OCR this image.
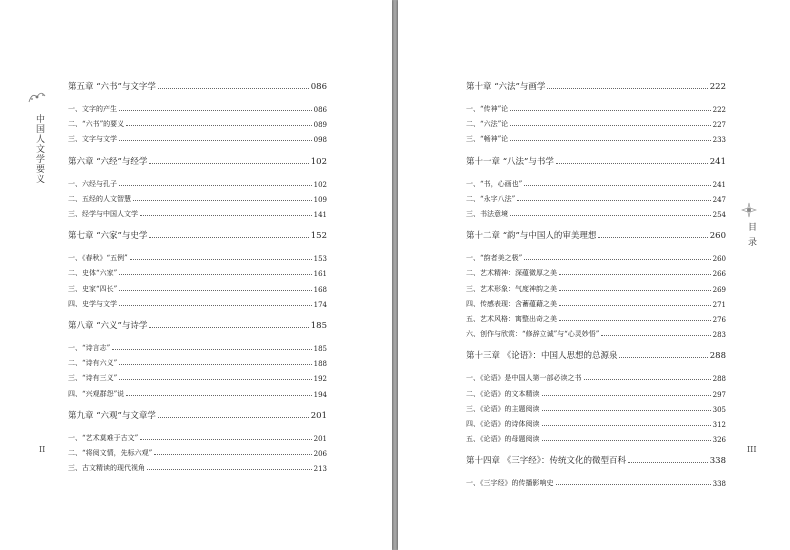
中国人文学要义
II
第五章 “六书”与文字学	086
一、文字的产生	086
二、“六书”的要义	089
三、文字与文学	098
第六章 “六经”与经学	102
一、六经与孔子	102
二、五经的人文智慧	109
三、经学与中国人文学	141
第七章 “六家”与史学	152
一、《春秋》“五例”	153
二、史体“六家”	161
三、史家“四长”	168
四、史学与文学	174
第八章 “六义”与诗学	185
一、“诗言志”	185
二、“诗有六义”	188
三、“诗有三义”	192
四、“兴观群怨”说	194
第九章 “六观”与文章学	201
一、“艺术莫难于古文”	201
二、“将阅文情，先标六观”	206
三、古文精读的现代视角	213
目录
III
第十章 “六法”与画学	222
一、“传神”论	222
二、“六法”论	227
三、“畅神”论	233
第十一章 “八法”与书学	241
一、“书，心画也”	241
二、“永字八法”	247
三、书法意境	254
第十二章 “韵”与中国人的审美理想	260
一、“韵者美之极”	260
二、艺术精神：深蕴微厚之美	266
三、艺术形象：气度神韵之美	269
四、传感表现：含蓄蕴藉之美	271
五、艺术风格：寓整出奇之美	276
六、创作与欣赏：“修辞立诚”与“心灵妙悟”	283
第十三章 《论语》：中国人思想的总源泉	288
一、《论语》是中国人第一部必读之书	288
二、《论语》的文本精读	297
三、《论语》的主题阅读	305
四、《论语》的诗体阅读	312
五、《论语》的母题阅读	326
第十四章 《三字经》：传统文化的微型百科	338
一、《三字经》的传播影响史	338
